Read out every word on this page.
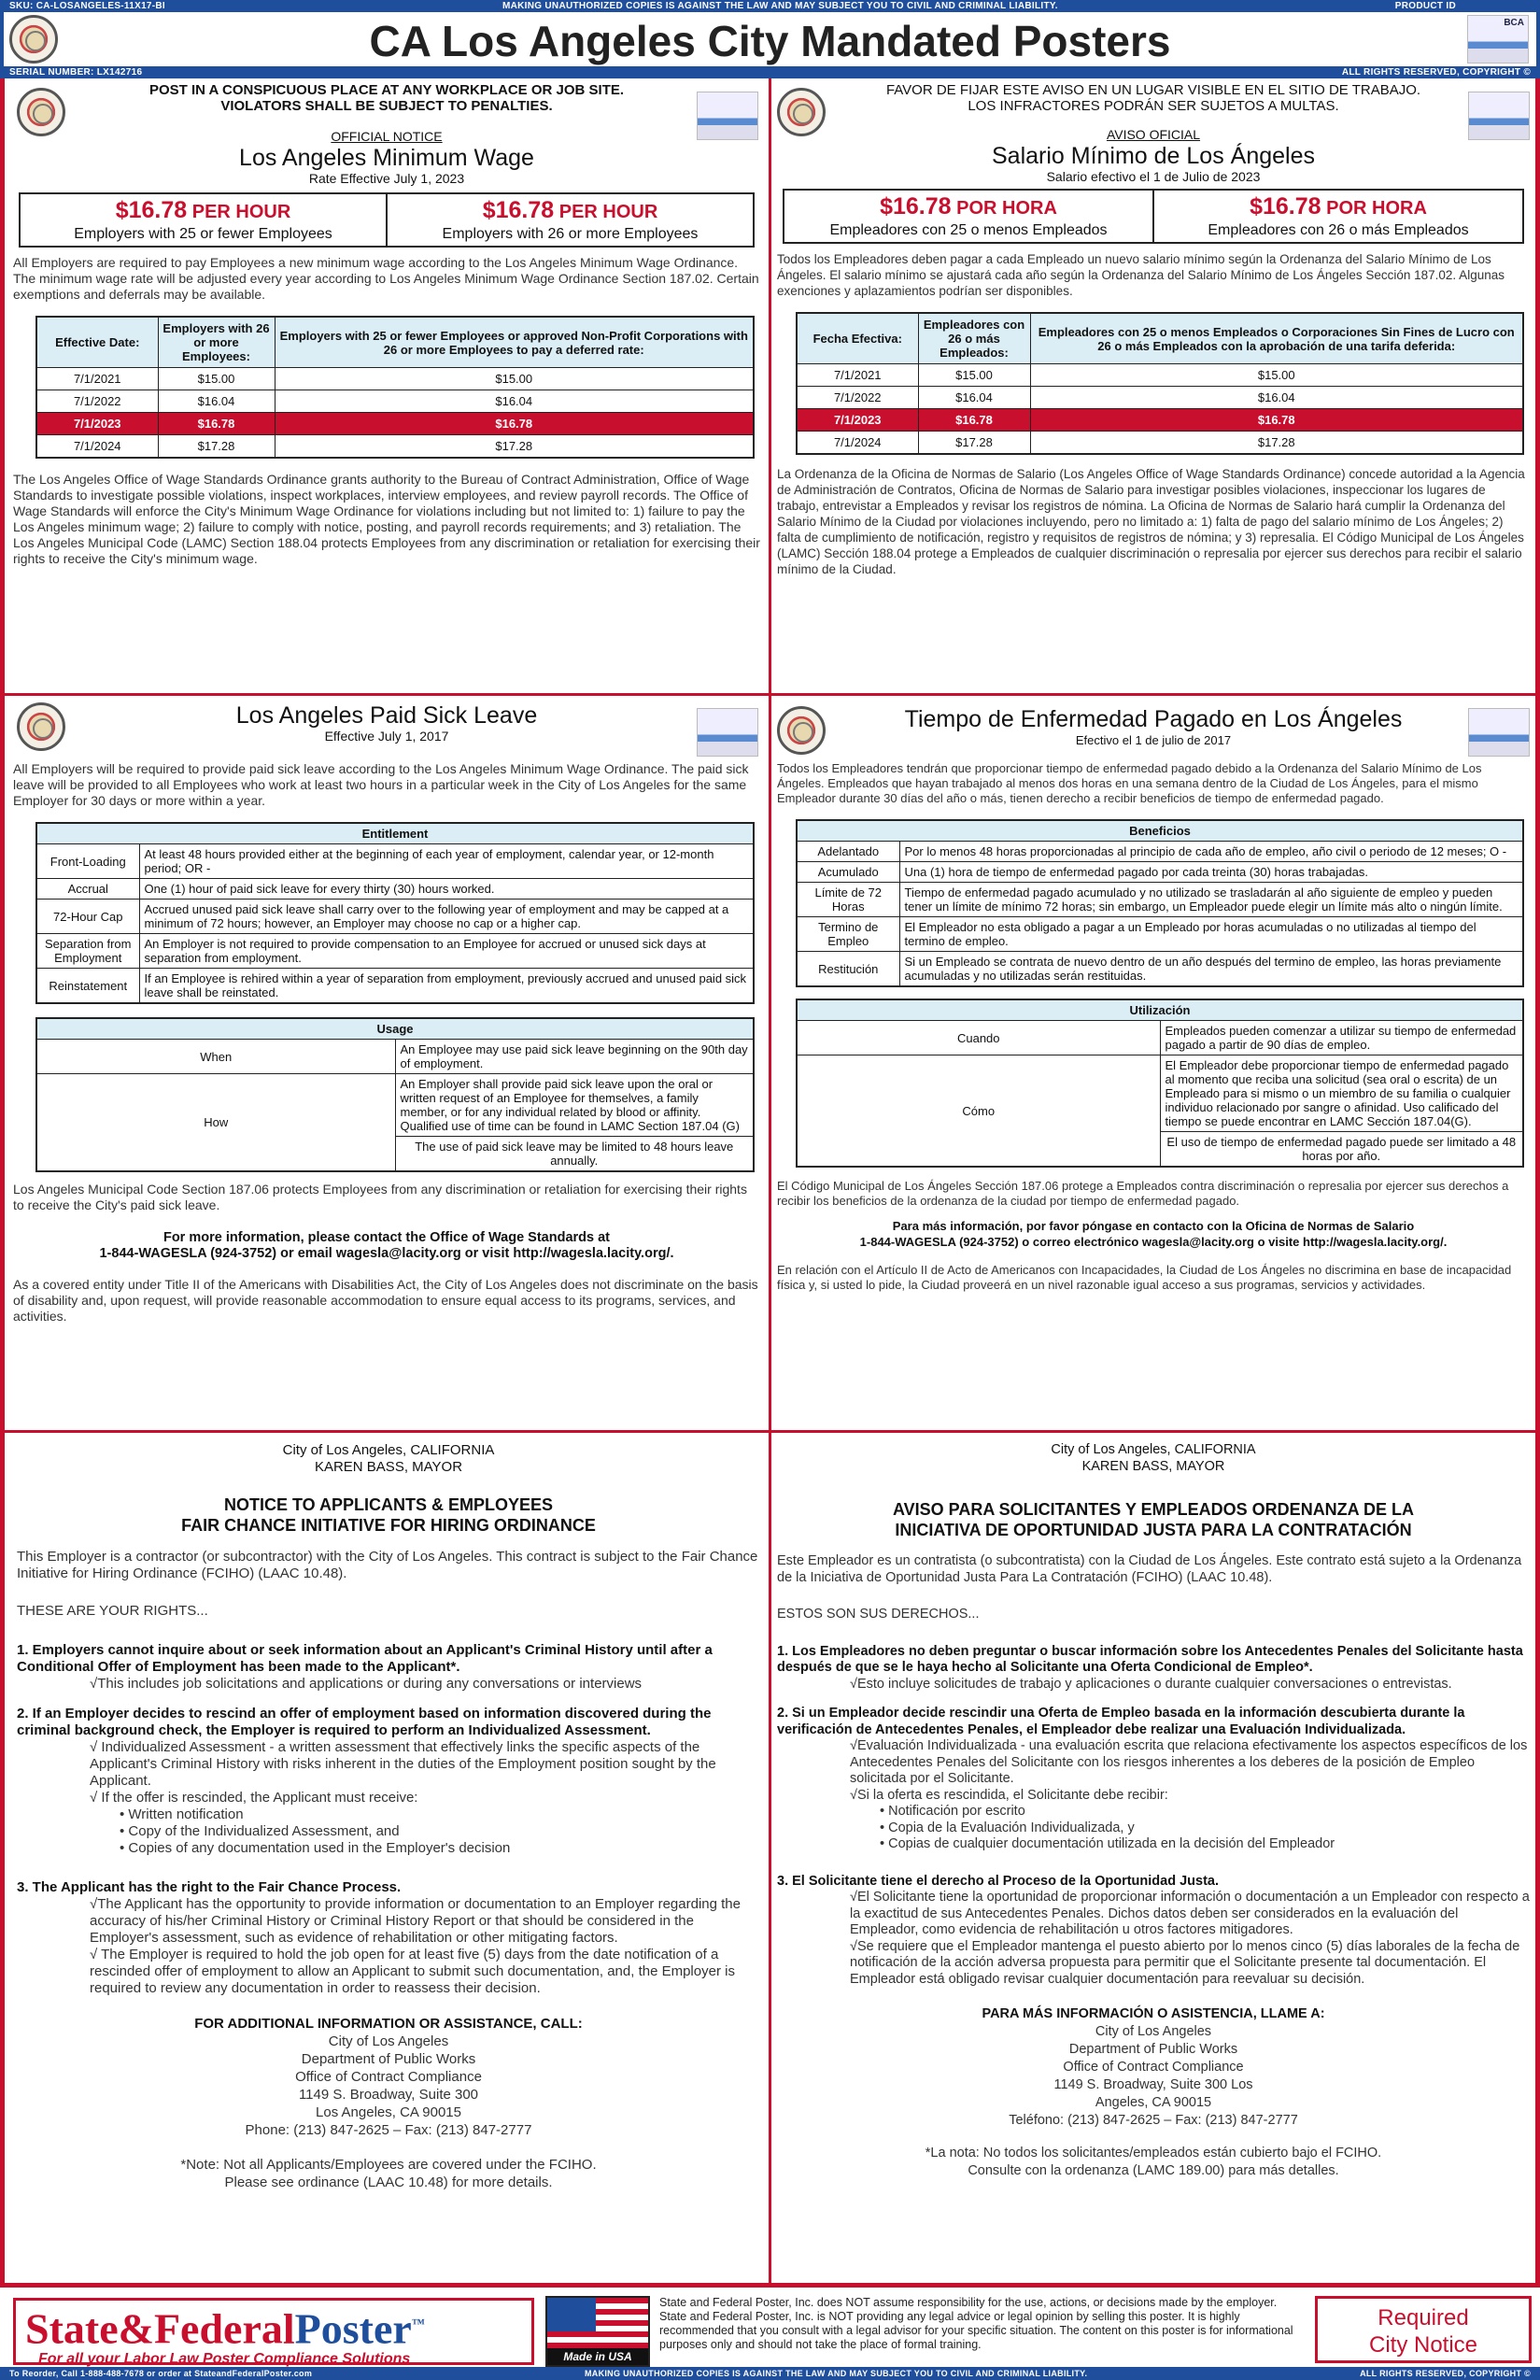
SKU: CA-LOSANGELES-11X17-BI	MAKING UNAUTHORIZED COPIES IS AGAINST THE LAW AND MAY SUBJECT YOU TO CIVIL AND CRIMINAL LIABILITY.	PRODUCT ID
CA Los Angeles City Mandated Posters	BCA
SERIAL NUMBER: LX142716	ALL RIGHTS RESERVED, COPYRIGHT ©
POST IN A CONSPICUOUS PLACE AT ANY WORKPLACE OR JOB SITE.
VIOLATORS SHALL BE SUBJECT TO PENALTIES.
OFFICIAL NOTICE
Los Angeles Minimum Wage
Rate Effective July 1, 2023
$16.78 PER HOUR
Employers with 25 or fewer Employees
$16.78 PER HOUR
Employers with 26 or more Employees

All Employers are required to pay Employees a new minimum wage according to the Los Angeles Minimum Wage Ordinance. The minimum wage rate will be adjusted every year according to Los Angeles Minimum Wage Ordinance Section 187.02. Certain exemptions and deferrals may be available.

Effective Date:	Employers with 26 or more Employees:	Employers with 25 or fewer Employees or approved Non-Profit Corporations with 26 or more Employees to pay a deferred rate:
7/1/2021	$15.00	$15.00
7/1/2022	$16.04	$16.04
7/1/2023	$16.78	$16.78
7/1/2024	$17.28	$17.28

The Los Angeles Office of Wage Standards Ordinance grants authority to the Bureau of Contract Administration, Office of Wage Standards to investigate possible violations, inspect workplaces, interview employees, and review payroll records. The Office of Wage Standards will enforce the City's Minimum Wage Ordinance for violations including but not limited to: 1) failure to pay the Los Angeles minimum wage; 2) failure to comply with notice, posting, and payroll records requirements; and 3) retaliation. The Los Angeles Municipal Code (LAMC) Section 188.04 protects Employees from any discrimination or retaliation for exercising their rights to receive the City's minimum wage.

FAVOR DE FIJAR ESTE AVISO EN UN LUGAR VISIBLE EN EL SITIO DE TRABAJO.
LOS INFRACTORES PODRÁN SER SUJETOS A MULTAS.
AVISO OFICIAL
Salario Mínimo de Los Ángeles
Salario efectivo el 1 de Julio de 2023
$16.78 POR HORA
Empleadores con 25 o menos Empleados
$16.78 POR HORA
Empleadores con 26 o más Empleados

Todos los Empleadores deben pagar a cada Empleado un nuevo salario mínimo según la Ordenanza del Salario Mínimo de Los Ángeles. El salario mínimo se ajustará cada año según la Ordenanza del Salario Mínimo de Los Ángeles Sección 187.02. Algunas exenciones y aplazamientos podrían ser disponibles.

Fecha Efectiva:	Empleadores con 26 o más Empleados:	Empleadores con 25 o menos Empleados o Corporaciones Sin Fines de Lucro con 26 o más Empleados con la aprobación de una tarifa deferida:
7/1/2021	$15.00	$15.00
7/1/2022	$16.04	$16.04
7/1/2023	$16.78	$16.78
7/1/2024	$17.28	$17.28

La Ordenanza de la Oficina de Normas de Salario (Los Angeles Office of Wage Standards Ordinance) concede autoridad a la Agencia de Administración de Contratos, Oficina de Normas de Salario para investigar posibles violaciones, inspeccionar los lugares de trabajo, entrevistar a Empleados y revisar los registros de nómina. La Oficina de Normas de Salario hará cumplir la Ordenanza del Salario Mínimo de la Ciudad por violaciones incluyendo, pero no limitado a: 1) falta de pago del salario mínimo de Los Ángeles; 2) falta de cumplimiento de notificación, registro y requisitos de registros de nómina; y 3) represalia. El Código Municipal de Los Ángeles (LAMC) Sección 188.04 protege a Empleados de cualquier discriminación o represalia por ejercer sus derechos para recibir el salario mínimo de la Ciudad.

Los Angeles Paid Sick Leave
Effective July 1, 2017

All Employers will be required to provide paid sick leave according to the Los Angeles Minimum Wage Ordinance. The paid sick leave will be provided to all Employees who work at least two hours in a particular week in the City of Los Angeles for the same Employer for 30 days or more within a year.

Entitlement	
Front-Loading	At least 48 hours provided either at the beginning of each year of employment, calendar year, or 12-month period; OR -
Accrual	One (1) hour of paid sick leave for every thirty (30) hours worked.
72-Hour Cap	Accrued unused paid sick leave shall carry over to the following year of employment and may be capped at a minimum of 72 hours; however, an Employer may choose no cap or a higher cap.
Separation from Employment	An Employer is not required to provide compensation to an Employee for accrued or unused sick days at separation from employment.
Reinstatement	If an Employee is rehired within a year of separation from employment, previously accrued and unused paid sick leave shall be reinstated.
Usage	
When	An Employee may use paid sick leave beginning on the 90th day of employment.
How	An Employer shall provide paid sick leave upon the oral or written request of an Employee for themselves, a family member, or for any individual related by blood or affinity. Qualified use of time can be found in LAMC Section 187.04 (G)
	The use of paid sick leave may be limited to 48 hours leave annually.

Los Angeles Municipal Code Section 187.06 protects Employees from any discrimination or retaliation for exercising their rights to receive the City's paid sick leave.

For more information, please contact the Office of Wage Standards at
1-844-WAGESLA (924-3752) or email wagesla@lacity.org or visit http://wagesla.lacity.org/.

As a covered entity under Title II of the Americans with Disabilities Act, the City of Los Angeles does not discriminate on the basis of disability and, upon request, will provide reasonable accommodation to ensure equal access to its programs, services, and activities.

Tiempo de Enfermedad Pagado en Los Ángeles
Efectivo el 1 de julio de 2017

Todos los Empleadores tendrán que proporcionar tiempo de enfermedad pagado debido a la Ordenanza del Salario Mínimo de Los Ángeles. Empleados que hayan trabajado al menos dos horas en una semana dentro de la Ciudad de Los Ángeles, para el mismo Empleador durante 30 días del año o más, tienen derecho a recibir beneficios de tiempo de enfermedad pagado.

Beneficios	
Adelantado	Por lo menos 48 horas proporcionadas al principio de cada año de empleo, año civil o periodo de 12 meses; O -
Acumulado	Una (1) hora de tiempo de enfermedad pagado por cada treinta (30) horas trabajadas.
Límite de 72 Horas	Tiempo de enfermedad pagado acumulado y no utilizado se trasladarán al año siguiente de empleo y pueden tener un límite de mínimo 72 horas; sin embargo, un Empleador puede elegir un límite más alto o ningún límite.
Termino de Empleo	El Empleador no esta obligado a pagar a un Empleado por horas acumuladas o no utilizadas al tiempo del termino de empleo.
Restitución	Si un Empleado se contrata de nuevo dentro de un año después del termino de empleo, las horas previamente acumuladas y no utilizadas serán restituidas.
Utilización	
Cuando	Empleados pueden comenzar a utilizar su tiempo de enfermedad pagado a partir de 90 días de empleo.
Cómo	El Empleador debe proporcionar tiempo de enfermedad pagado al momento que reciba una solicitud (sea oral o escrita) de un Empleado para si mismo o un miembro de su familia o cualquier individuo relacionado por sangre o afinidad. Uso calificado del tiempo se puede encontrar en LAMC Sección 187.04(G).
	El uso de tiempo de enfermedad pagado puede ser limitado a 48 horas por año.

El Código Municipal de Los Ángeles Sección 187.06 protege a Empleados contra discriminación o represalia por ejercer sus derechos a recibir los beneficios de la ordenanza de la ciudad por tiempo de enfermedad pagado.

Para más información, por favor póngase en contacto con la Oficina de Normas de Salario
1-844-WAGESLA (924-3752) o correo electrónico wagesla@lacity.org o visite http://wagesla.lacity.org/.

En relación con el Artículo II de Acto de Americanos con Incapacidades, la Ciudad de Los Ángeles no discrimina en base de incapacidad física y, si usted lo pide, la Ciudad proveerá en un nivel razonable igual acceso a sus programas, servicios y actividades.

City of Los Angeles, CALIFORNIA
KAREN BASS, MAYOR
NOTICE TO APPLICANTS & EMPLOYEES
FAIR CHANCE INITIATIVE FOR HIRING ORDINANCE

This Employer is a contractor (or subcontractor) with the City of Los Angeles. This contract is subject to the Fair Chance Initiative for Hiring Ordinance (FCIHO) (LAAC 10.48).

THESE ARE YOUR RIGHTS...

1. Employers cannot inquire about or seek information about an Applicant's Criminal History until after a Conditional Offer of Employment has been made to the Applicant*.
√This includes job solicitations and applications or during any conversations or interviews
2. If an Employer decides to rescind an offer of employment based on information discovered during the criminal background check, the Employer is required to perform an Individualized Assessment.
√ Individualized Assessment - a written assessment that effectively links the specific aspects of the Applicant's Criminal History with risks inherent in the duties of the Employment position sought by the Applicant.
√ If the offer is rescinded, the Applicant must receive:
• Written notification
• Copy of the Individualized Assessment, and
• Copies of any documentation used in the Employer's decision
3. The Applicant has the right to the Fair Chance Process.
√The Applicant has the opportunity to provide information or documentation to an Employer regarding the accuracy of his/her Criminal History or Criminal History Report or that should be considered in the Employer's assessment, such as evidence of rehabilitation or other mitigating factors.
√ The Employer is required to hold the job open for at least five (5) days from the date notification of a rescinded offer of employment to allow an Applicant to submit such documentation, and, the Employer is required to review any documentation in order to reassess their decision.
FOR ADDITIONAL INFORMATION OR ASSISTANCE, CALL:
City of Los Angeles
Department of Public Works
Office of Contract Compliance
1149 S. Broadway, Suite 300
Los Angeles, CA 90015
Phone: (213) 847-2625 – Fax: (213) 847-2777
*Note: Not all Applicants/Employees are covered under the FCIHO.
Please see ordinance (LAAC 10.48) for more details.
City of Los Angeles, CALIFORNIA
KAREN BASS, MAYOR
AVISO PARA SOLICITANTES Y EMPLEADOS ORDENANZA DE LA
INICIATIVA DE OPORTUNIDAD JUSTA PARA LA CONTRATACIÓN

Este Empleador es un contratista (o subcontratista) con la Ciudad de Los Ángeles. Este contrato está sujeto a la Ordenanza de la Iniciativa de Oportunidad Justa Para La Contratación (FCIHO) (LAAC 10.48).

ESTOS SON SUS DERECHOS...

1. Los Empleadores no deben preguntar o buscar información sobre los Antecedentes Penales del Solicitante hasta después de que se le haya hecho al Solicitante una Oferta Condicional de Empleo*.
√Esto incluye solicitudes de trabajo y aplicaciones o durante cualquier conversaciones o entrevistas.
2. Si un Empleador decide rescindir una Oferta de Empleo basada en la información descubierta durante la verificación de Antecedentes Penales, el Empleador debe realizar una Evaluación Individualizada.
√Evaluación Individualizada - una evaluación escrita que relaciona efectivamente los aspectos específicos de los Antecedentes Penales del Solicitante con los riesgos inherentes a los deberes de la posición de Empleo solicitada por el Solicitante.
√Si la oferta es rescindida, el Solicitante debe recibir:
• Notificación por escrito
• Copia de la Evaluación Individualizada, y
• Copias de cualquier documentación utilizada en la decisión del Empleador
3. El Solicitante tiene el derecho al Proceso de la Oportunidad Justa.
√El Solicitante tiene la oportunidad de proporcionar información o documentación a un Empleador con respecto a la exactitud de sus Antecedentes Penales. Dichos datos deben ser considerados en la evaluación del Empleador, como evidencia de rehabilitación u otros factores mitigadores.
√Se requiere que el Empleador mantenga el puesto abierto por lo menos cinco (5) días laborales de la fecha de notificación de la acción adversa propuesta para permitir que el Solicitante presente tal documentación. El Empleador está obligado revisar cualquier documentación para reevaluar su decisión.
PARA MÁS INFORMACIÓN O ASISTENCIA, LLAME A:
City of Los Angeles
Department of Public Works
Office of Contract Compliance
1149 S. Broadway, Suite 300 Los
Angeles, CA 90015
Teléfono: (213) 847-2625 – Fax: (213) 847-2777
*La nota: No todos los solicitantes/empleados están cubierto bajo el FCIHO.
Consulte con la ordenanza (LAMC 189.00) para más detalles.
State&FederalPoster™
For all your Labor Law Poster Compliance Solutions	Made in USA
State and Federal Poster, Inc. does NOT assume responsibility for the use, actions, or decisions made by the employer. State and Federal Poster, Inc. is NOT providing any legal advice or legal opinion by selling this poster. It is highly recommended that you consult with a legal advisor for your specific situation. The content on this poster is for informational purposes only and should not take the place of formal training.
Required
City Notice
To Reorder, Call 1-888-488-7678 or order at StateandFederalPoster.com	MAKING UNAUTHORIZED COPIES IS AGAINST THE LAW AND MAY SUBJECT YOU TO CIVIL AND CRIMINAL LIABILITY.	ALL RIGHTS RESERVED, COPYRIGHT ©
